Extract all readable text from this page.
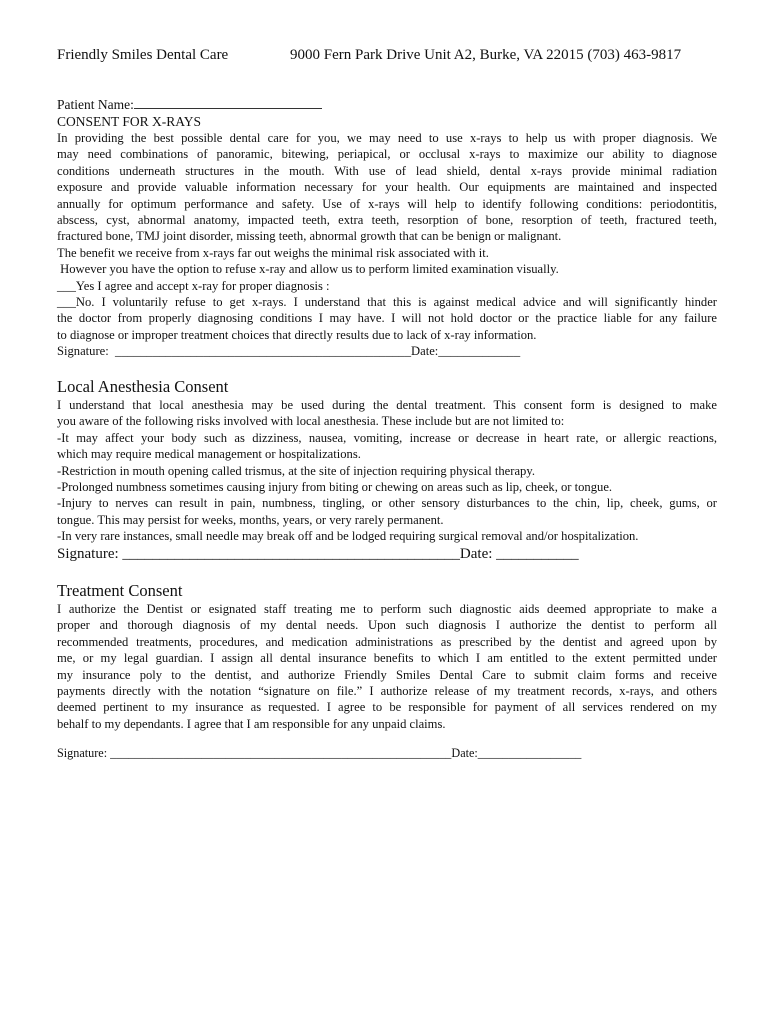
Friendly Smiles Dental Care	9000 Fern Park Drive Unit A2, Burke, VA 22015 (703) 463-9817
Patient Name:
CONSENT FOR X-RAYS
In providing the best possible dental care for you, we may need to use x-rays to help us with proper diagnosis. We
may need combinations of panoramic, bitewing, periapical, or occlusal x-rays to maximize our ability to diagnose
conditions underneath structures in the mouth. With use of lead shield, dental x-rays provide minimal radiation
exposure and provide valuable information necessary for your health. Our equipments are maintained and inspected
annually for optimum performance and safety. Use of x-rays will help to identify following conditions: periodontitis,
abscess, cyst, abnormal anatomy, impacted teeth, extra teeth, resorption of bone, resorption of teeth, fractured teeth,
fractured bone, TMJ joint disorder, missing teeth, abnormal growth that can be benign or malignant.
The benefit we receive from x-rays far out weighs the minimal risk associated with it.
However you have the option to refuse x-ray and allow us to perform limited examination visually.
___Yes I agree and accept x-ray for proper diagnosis :
___No. I voluntarily refuse to get x-rays. I understand that this is against medical advice and will significantly hinder
the doctor from properly diagnosing conditions I may have. I will not hold doctor or the practice liable for any failure
to diagnose or improper treatment choices that directly results due to lack of x-ray information.
Signature:  _______________________________________________Date:_____________
Local Anesthesia Consent
I understand that local anesthesia may be used during the dental treatment. This consent form is designed to make
you aware of the following risks involved with local anesthesia. These include but are not limited to:
-It may affect your body such as dizziness, nausea, vomiting, increase or decrease in heart rate, or allergic reactions,
which may require medical management or hospitalizations.
-Restriction in mouth opening called trismus, at the site of injection requiring physical therapy.
-Prolonged numbness sometimes causing injury from biting or chewing on areas such as lip, cheek, or tongue.
-Injury to nerves can result in pain, numbness, tingling, or other sensory disturbances to the chin, lip, cheek, gums, or
tongue. This may persist for weeks, months, years, or very rarely permanent.
-In very rare instances, small needle may break off and be lodged requiring surgical removal and/or hospitalization.
Signature: _____________________________________________Date: ___________
Treatment Consent
I authorize the Dentist or esignated staff treating me to perform such diagnostic aids deemed appropriate to make a
proper and thorough diagnosis of my dental needs. Upon such diagnosis I authorize the dentist to perform all
recommended treatments, procedures, and medication administrations as prescribed by the dentist and agreed upon by
me, or my legal guardian. I assign all dental insurance benefits to which I am entitled to the extent permitted under
my insurance poly to the dentist, and authorize Friendly Smiles Dental Care to submit claim forms and receive
payments directly with the notation “signature on file.” I authorize release of my treatment records, x-rays, and others
deemed pertinent to my insurance as requested. I agree to be responsible for payment of all services rendered on my
behalf to my dependants. I agree that I am responsible for any unpaid claims.
Signature: ________________________________________________________Date:_________________
